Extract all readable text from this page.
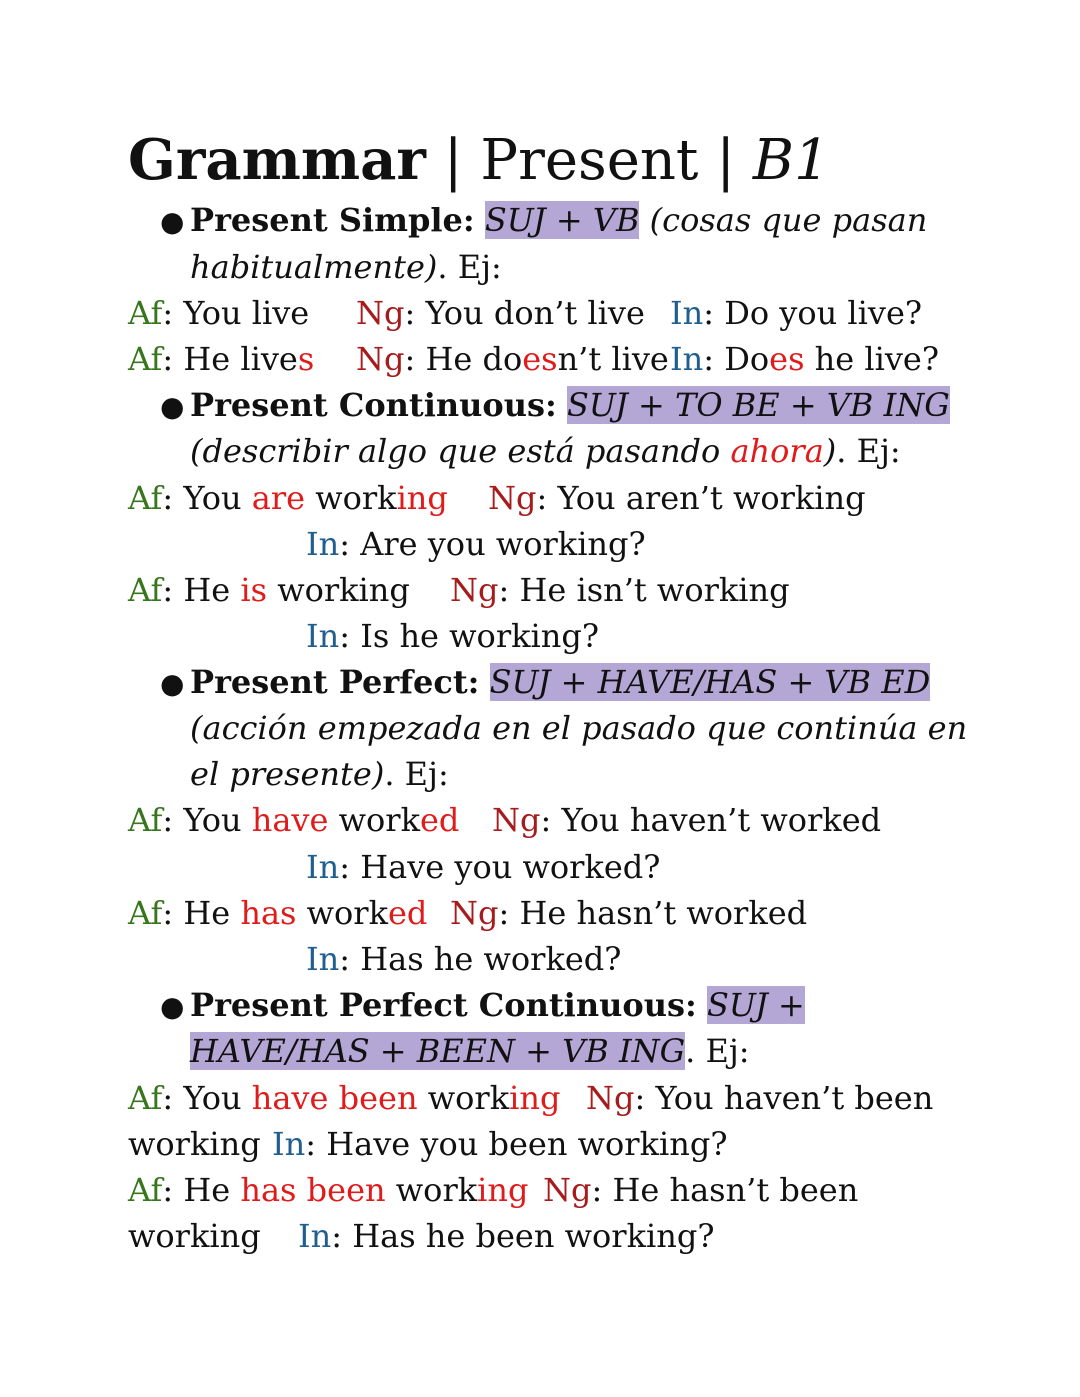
Grammar | Present | B1
● Present Simple: SUJ + VB (cosas que pasan
habitualmente). Ej:
Af: You live Ng: You don’t live In: Do you live?
Af: He lives Ng: He doesn’t liveIn: Does he live?
● Present Continuous: SUJ + TO BE + VB ING
(describir algo que está pasando ahora). Ej:
Af: You are working Ng: You aren’t working
In: Are you working?
Af: He is working Ng: He isn’t working
In: Is he working?
● Present Perfect: SUJ + HAVE/HAS + VB ED
(acción empezada en el pasado que continúa en
el presente). Ej:
Af: You have worked Ng: You haven’t worked
In: Have you worked?
Af: He has worked Ng: He hasn’t worked
In: Has he worked?
● Present Perfect Continuous: SUJ +
HAVE/HAS + BEEN + VB ING. Ej:
Af: You have been working Ng: You haven’t been
working In: Have you been working?
Af: He has been working Ng: He hasn’t been
working In: Has he been working?
